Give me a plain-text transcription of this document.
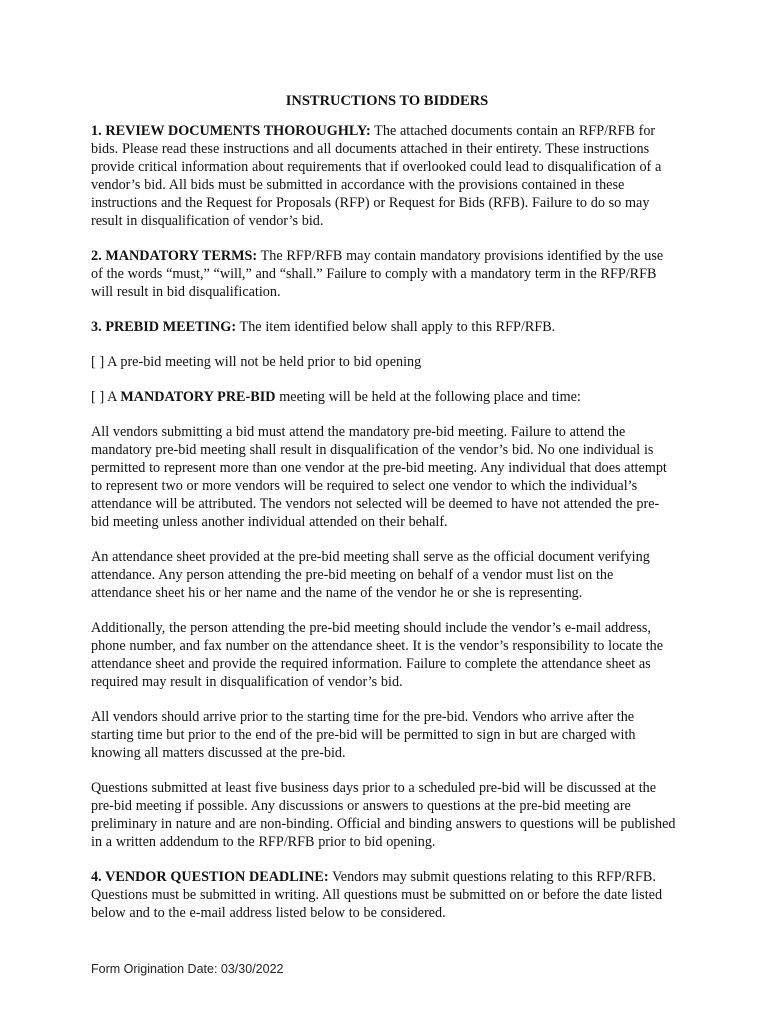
INSTRUCTIONS TO BIDDERS

1. REVIEW DOCUMENTS THOROUGHLY: The attached documents contain an RFP/RFB for bids. Please read these instructions and all documents attached in their entirety. These instructions provide critical information about requirements that if overlooked could lead to disqualification of a vendor’s bid. All bids must be submitted in accordance with the provisions contained in these instructions and the Request for Proposals (RFP) or Request for Bids (RFB). Failure to do so may result in disqualification of vendor’s bid.

2. MANDATORY TERMS: The RFP/RFB may contain mandatory provisions identified by the use of the words “must,” “will,” and “shall.” Failure to comply with a mandatory term in the RFP/RFB will result in bid disqualification.

3. PREBID MEETING: The item identified below shall apply to this RFP/RFB.

[ ] A pre-bid meeting will not be held prior to bid opening

[ ] A MANDATORY PRE-BID meeting will be held at the following place and time:

All vendors submitting a bid must attend the mandatory pre-bid meeting. Failure to attend the mandatory pre-bid meeting shall result in disqualification of the vendor’s bid. No one individual is permitted to represent more than one vendor at the pre-bid meeting. Any individual that does attempt to represent two or more vendors will be required to select one vendor to which the individual’s attendance will be attributed. The vendors not selected will be deemed to have not attended the pre-bid meeting unless another individual attended on their behalf.

An attendance sheet provided at the pre-bid meeting shall serve as the official document verifying attendance. Any person attending the pre-bid meeting on behalf of a vendor must list on the attendance sheet his or her name and the name of the vendor he or she is representing.

Additionally, the person attending the pre-bid meeting should include the vendor’s e-mail address, phone number, and fax number on the attendance sheet. It is the vendor’s responsibility to locate the attendance sheet and provide the required information. Failure to complete the attendance sheet as required may result in disqualification of vendor’s bid.

All vendors should arrive prior to the starting time for the pre-bid. Vendors who arrive after the starting time but prior to the end of the pre-bid will be permitted to sign in but are charged with knowing all matters discussed at the pre-bid.

Questions submitted at least five business days prior to a scheduled pre-bid will be discussed at the pre-bid meeting if possible. Any discussions or answers to questions at the pre-bid meeting are preliminary in nature and are non-binding. Official and binding answers to questions will be published in a written addendum to the RFP/RFB prior to bid opening.

4. VENDOR QUESTION DEADLINE: Vendors may submit questions relating to this RFP/RFB. Questions must be submitted in writing. All questions must be submitted on or before the date listed below and to the e-mail address listed below to be considered.

Form Origination Date: 03/30/2022
